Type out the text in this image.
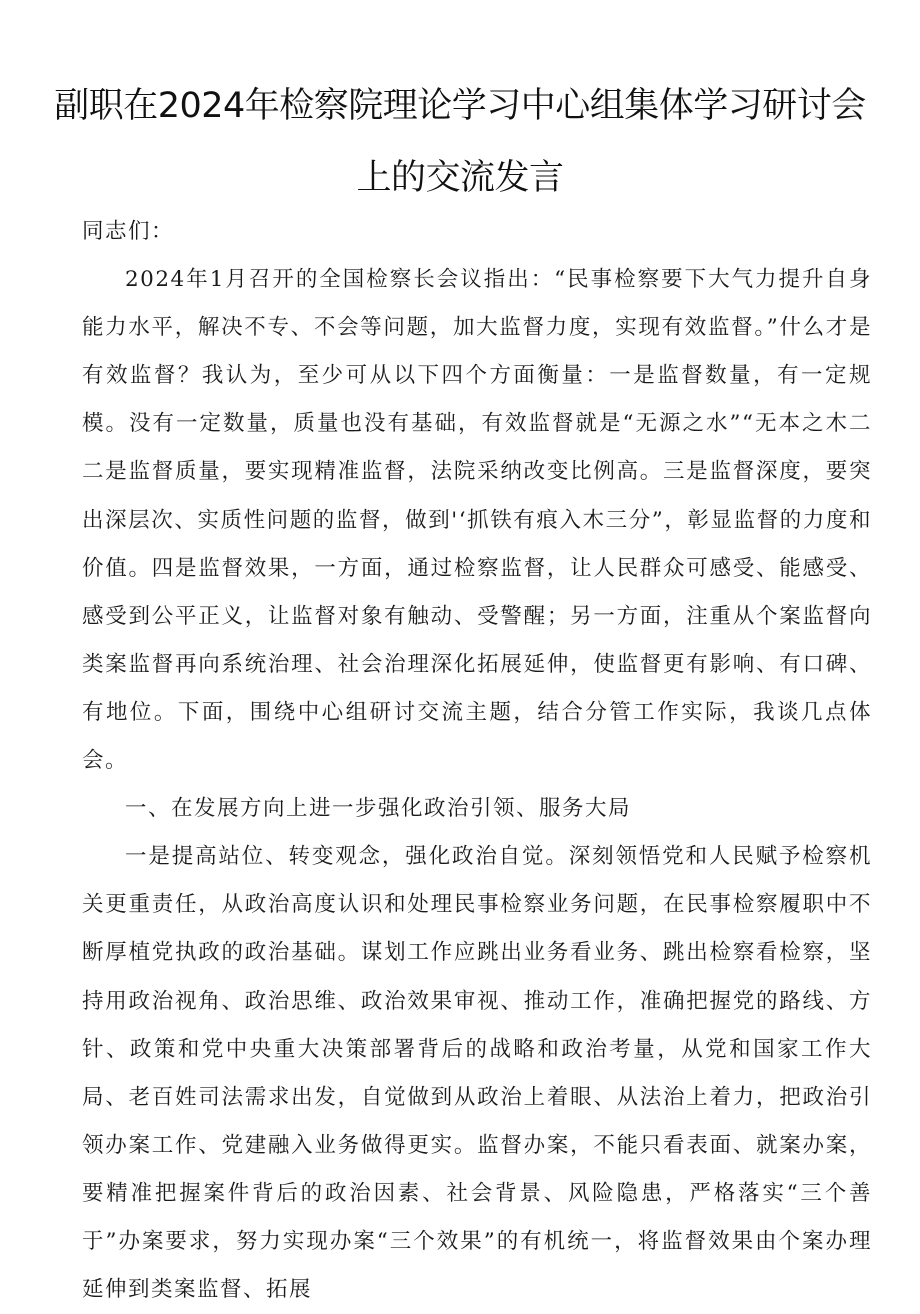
副职在2024年检察院理论学习中心组集体学习研讨会
上的交流发言

同志们：

2024年1月召开的全国检察长会议指出：“民事检察要下大气力提升自身能力水平，解决不专、不会等问题，加大监督力度，实现有效监督。”什么才是有效监督？我认为，至少可从以下四个方面衡量：一是监督数量，有一定规模。没有一定数量，质量也没有基础，有效监督就是“无源之水”“无本之木二二是监督质量，要实现精准监督，法院采纳改变比例高。三是监督深度，要突出深层次、实质性问题的监督，做到'‘抓铁有痕入木三分”，彰显监督的力度和价值。四是监督效果，一方面，通过检察监督，让人民群众可感受、能感受、感受到公平正义，让监督对象有触动、受警醒；另一方面，注重从个案监督向类案监督再向系统治理、社会治理深化拓展延伸，使监督更有影响、有口碑、有地位。下面，围绕中心组研讨交流主题，结合分管工作实际，我谈几点体会。

一、在发展方向上进一步强化政治引领、服务大局

一是提高站位、转变观念，强化政治自觉。深刻领悟党和人民赋予检察机关更重责任，从政治高度认识和处理民事检察业务问题，在民事检察履职中不断厚植党执政的政治基础。谋划工作应跳出业务看业务、跳出检察看检察，坚持用政治视角、政治思维、政治效果审视、推动工作，准确把握党的路线、方针、政策和党中央重大决策部署背后的战略和政治考量，从党和国家工作大局、老百姓司法需求出发，自觉做到从政治上着眼、从法治上着力，把政治引领办案工作、党建融入业务做得更实。监督办案，不能只看表面、就案办案，要精准把握案件背后的政治因素、社会背景、风险隐患，严格落实“三个善于”办案要求，努力实现办案“三个效果”的有机统一，将监督效果由个案办理延伸到类案监督、拓展
